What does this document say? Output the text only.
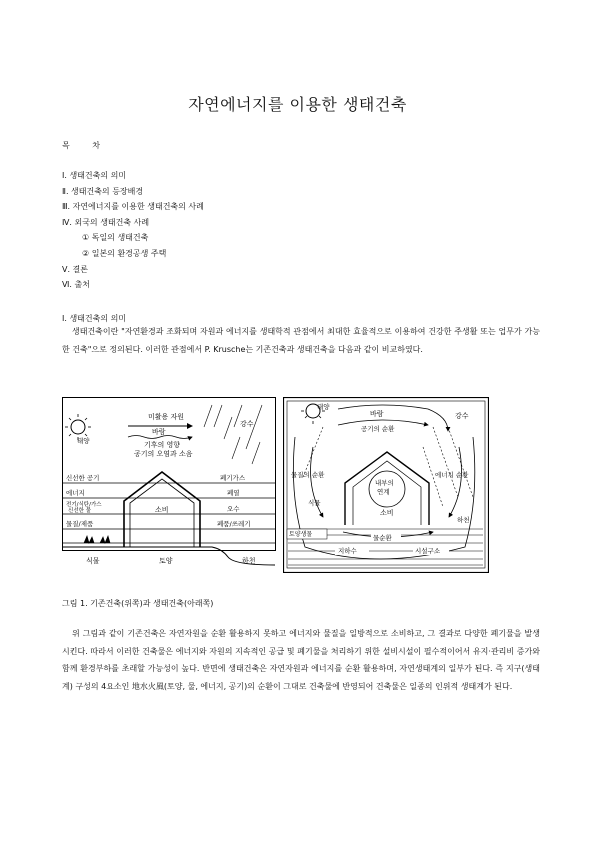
자연에너지를 이용한 생태건축
목 차
Ⅰ. 생태건축의 의미
Ⅱ. 생태건축의 등장배경
Ⅲ. 자연에너지를 이용한 생태건축의 사례
Ⅳ. 외국의 생태건축 사례
① 독일의 생태건축
② 일본의 환경공생 주택
Ⅴ. 결론
Ⅵ. 출처
Ⅰ. 생태건축의 의미

생태건축이란 "자연환경과 조화되며 자원과 에너지를 생태학적 관점에서 최대한 효율적으로 이용하여 건강한 주생활 또는 업무가 가능한 건축"으로 정의된다. 이러한 관점에서 P. Krusche는 기존건축과 생태건축을 다음과 같이 비교하였다.

태양
강수
미활용 자원
바람
기후의 영향
공기의 오염과 소음
신선한 공기
에너지
전기/식탄/가스
신선한 물
물질/제품
폐기가스
폐열
오수
폐품/쓰레기
소비
식물	토양	하천
태양
바람	강수
공기의 순환
물질의 순환	에너지 순환
내부의
연계
식물
소비
토양생물	물순환
지하수	시설구소
하천
그림 1. 기존건축(위쪽)과 생태건축(아래쪽)

위 그림과 같이 기존건축은 자연자원을 순환 활용하지 못하고 에너지와 물질을 일방적으로 소비하고, 그 결과로 다양한 폐기물을 발생시킨다. 따라서 이러한 건축물은 에너지와 자원의 지속적인 공급 및 폐기물을 처리하기 위한 설비시설이 필수적이어서 유지·관리비 증가와 함께 환경부하를 초래할 가능성이 높다. 반면에 생태건축은 자연자원과 에너지를 순환 활용하며, 자연생태계의 일부가 된다. 즉 지구(생태계) 구성의 4요소인 地水火風(토양, 물, 에너지, 공기)의 순환이 그대로 건축물에 반영되어 건축물은 일종의 인위적 생태계가 된다.
